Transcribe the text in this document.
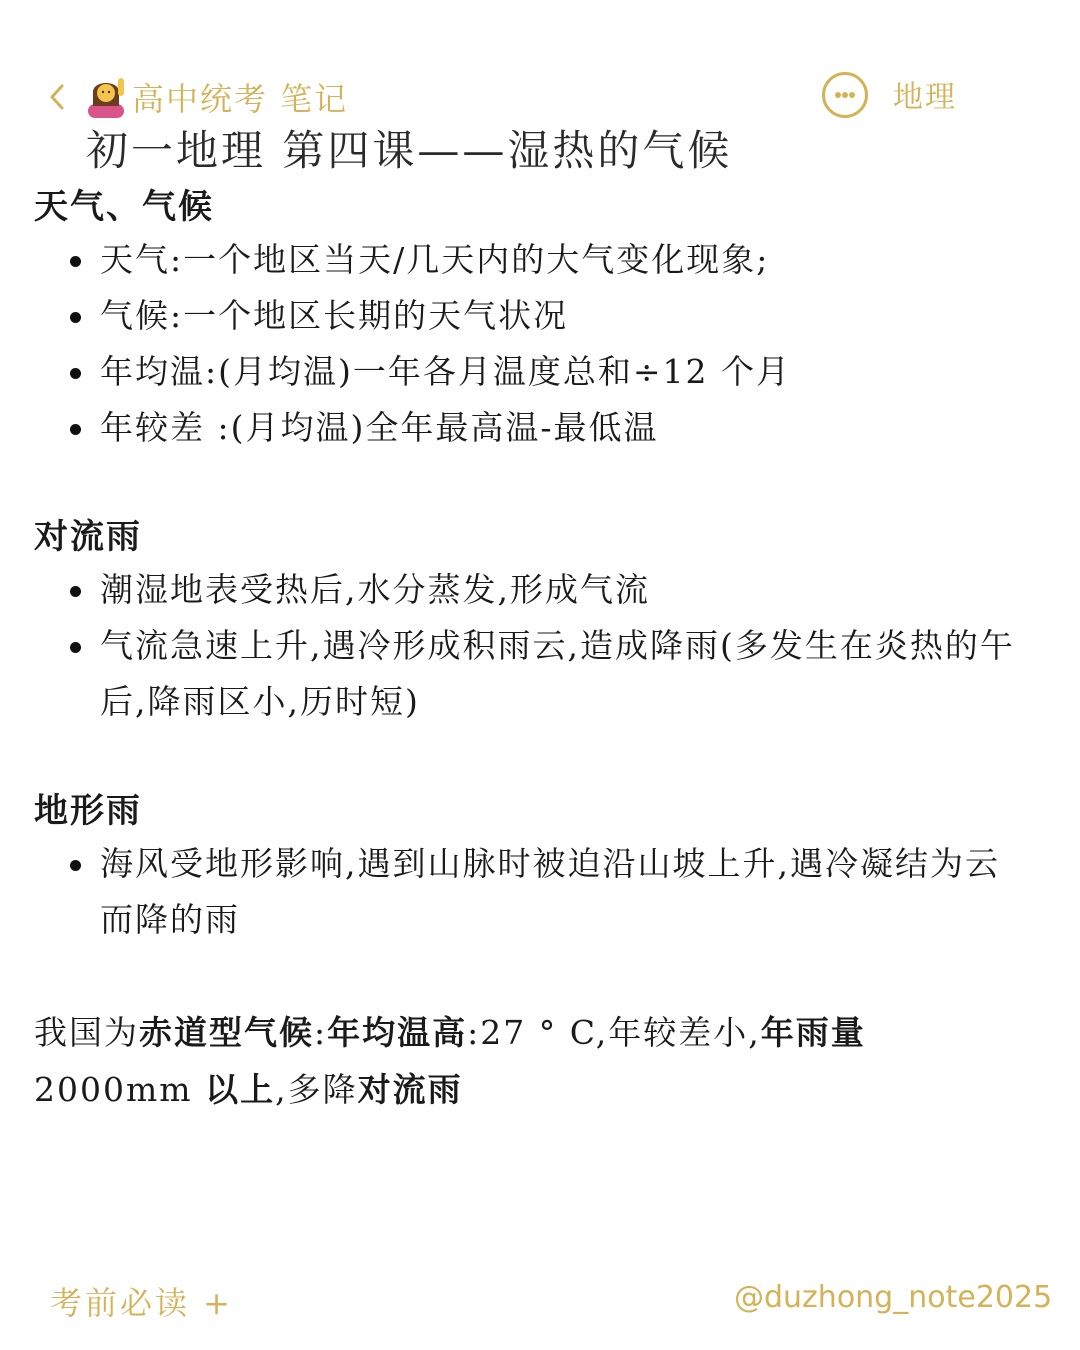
高中统考 笔记	地理
初一地理 第四课——湿热的气候

天气、气候

天气:一个地区当天/几天内的大气变化现象;
气候:一个地区长期的天气状况
年均温:(月均温)一年各月温度总和÷12 个月
年较差 :(月均温)全年最高温-最低温

对流雨

潮湿地表受热后,水分蒸发,形成气流
气流急速上升,遇冷形成积雨云,造成降雨(多发生在炎热的午后,降雨区小,历时短)

地形雨

海风受地形影响,遇到山脉时被迫沿山坡上升,遇冷凝结为云而降的雨
我国为赤道型气候:年均温高:27 ° C,年较差小,年雨量
2000mm 以上,多降对流雨
考前必读 +	@duzhong_note2025
